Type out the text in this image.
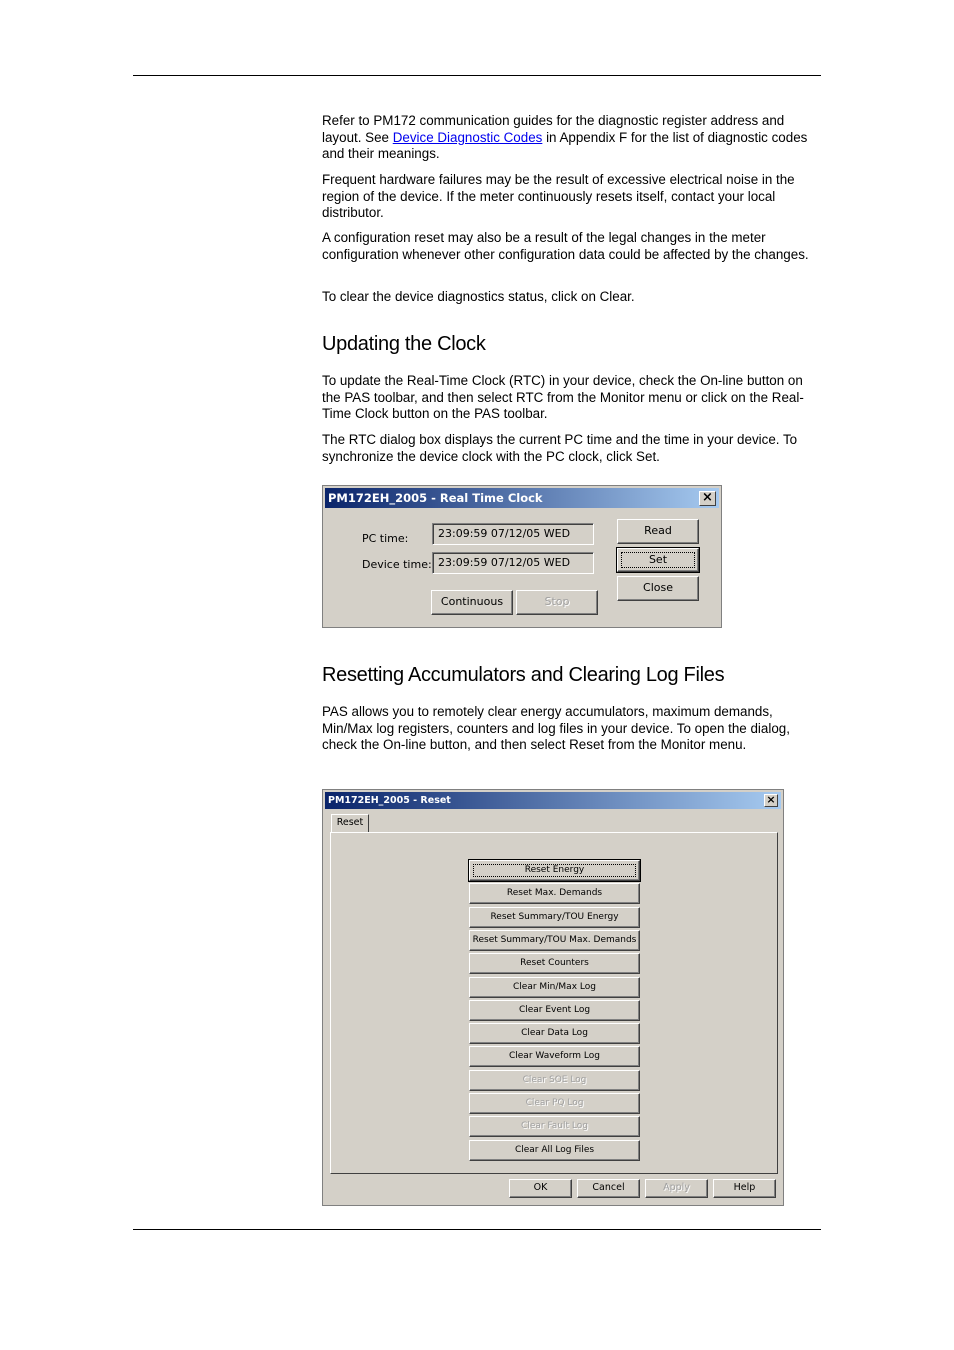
Refer to PM172 communication guides for the diagnostic register address and layout. See Device Diagnostic Codes in Appendix F for the list of diagnostic codes and their meanings.

Frequent hardware failures may be the result of excessive electrical noise in the region of the device. If the meter continuously resets itself, contact your local distributor.

A configuration reset may also be a result of the legal changes in the meter configuration whenever other configuration data could be affected by the changes.

To clear the device diagnostics status, click on Clear.

Updating the Clock

To update the Real-Time Clock (RTC) in your device, check the On-line button on the PAS toolbar, and then select RTC from the Monitor menu or click on the Real-Time Clock button on the PAS toolbar.

The RTC dialog box displays the current PC time and the time in your device. To synchronize the device clock with the PC clock, click Set.

PM172EH_2005 - Real Time Clock	×
PC time:	23:09:59 07/12/05 WED
Device time: 23:09:59 07/12/05 WED
Read
Set
Close
Continuous	Stop
Resetting Accumulators and Clearing Log Files

PAS allows you to remotely clear energy accumulators, maximum demands, Min/Max log registers, counters and log files in your device. To open the dialog, check the On-line button, and then select Reset from the Monitor menu.

PM172EH_2005 - Reset	×
Reset
Reset Energy
Reset Max. Demands
Reset Summary/TOU Energy
Reset Summary/TOU Max. Demands
Reset Counters
Clear Min/Max Log
Clear Event Log
Clear Data Log
Clear Waveform Log
Clear SOE Log
Clear PQ Log
Clear Fault Log
Clear All Log Files
OK	Cancel	Apply	Help
